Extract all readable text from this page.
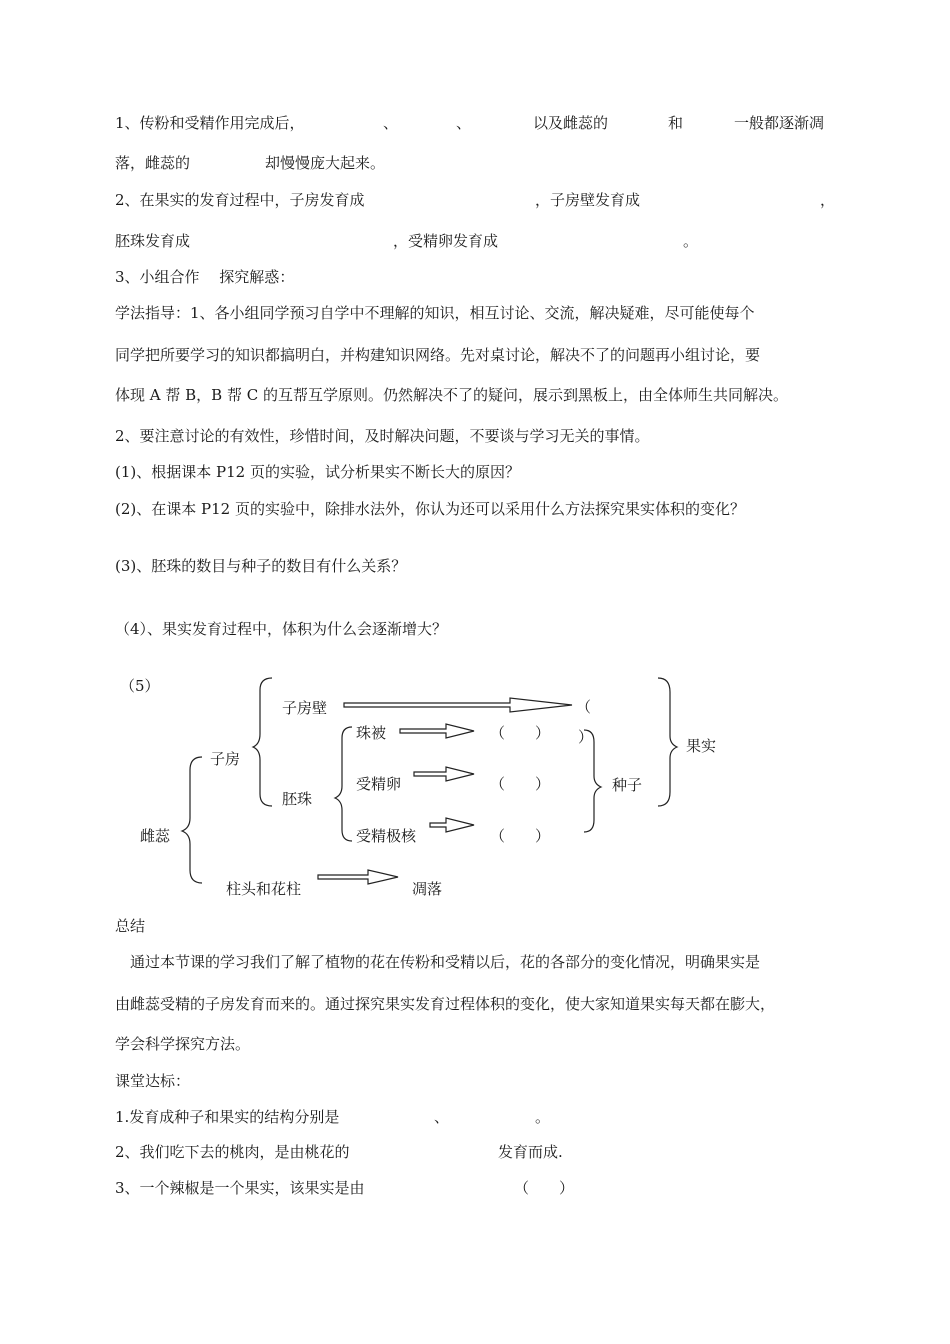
1、传粉和受精作用完成后，	、	、	以及雌蕊的	和	一般都逐渐凋
落，雌蕊的	却慢慢庞大起来。
2、在果实的发育过程中，子房发育成	，子房壁发育成	，
胚珠发育成	，受精卵发育成	。
3、小组合作　 探究解惑：
学法指导：1、各小组同学预习自学中不理解的知识，相互讨论、交流，解决疑难，尽可能使每个
同学把所要学习的知识都搞明白，并构建知识网络。先对桌讨论，解决不了的问题再小组讨论，要
体现 A 帮 B，B 帮 C 的互帮互学原则。仍然解决不了的疑问，展示到黑板上，由全体师生共同解决。
2、要注意讨论的有效性，珍惜时间，及时解决问题，不要谈与学习无关的事情。
(1)、根据课本 P12 页的实验，试分析果实不断长大的原因？
(2)、在课本 P12 页的实验中，除排水法外，你认为还可以采用什么方法探究果实体积的变化？
(3)、胚珠的数目与种子的数目有什么关系？
（4）、果实发育过程中，体积为什么会逐渐增大？
（5）
雌蕊
子房
子房壁	（
胚珠
珠被	（　　） ）
受精卵	（　　）
受精极核	（　　）
种子
果实
柱头和花柱	凋落
总结
通过本节课的学习我们了解了植物的花在传粉和受精以后，花的各部分的变化情况，明确果实是
由雌蕊受精的子房发育而来的。通过探究果实发育过程体积的变化，使大家知道果实每天都在膨大，
学会科学探究方法。
课堂达标：
1.发育成种子和果实的结构分别是	、	。
2、我们吃下去的桃肉，是由桃花的	发育而成.
3、一个辣椒是一个果实，该果实是由	（　　）
